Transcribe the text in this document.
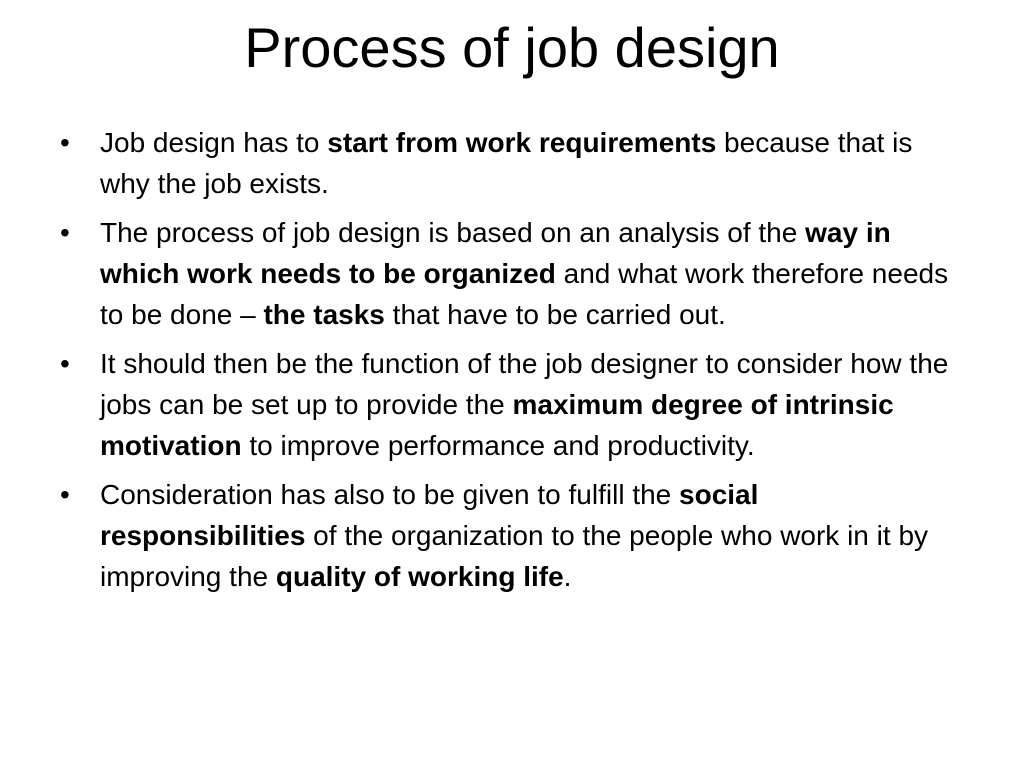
Process of job design
•	Job design has to start from work requirements because that is why the job exists.
•	The process of job design is based on an analysis of the way in which work needs to be organized and what work therefore needs to be done – the tasks that have to be carried out.
•	It should then be the function of the job designer to consider how the jobs can be set up to provide the maximum degree of intrinsic motivation to improve performance and productivity.
•	Consideration has also to be given to fulfill the social responsibilities of the organization to the people who work in it by improving the quality of working life.
